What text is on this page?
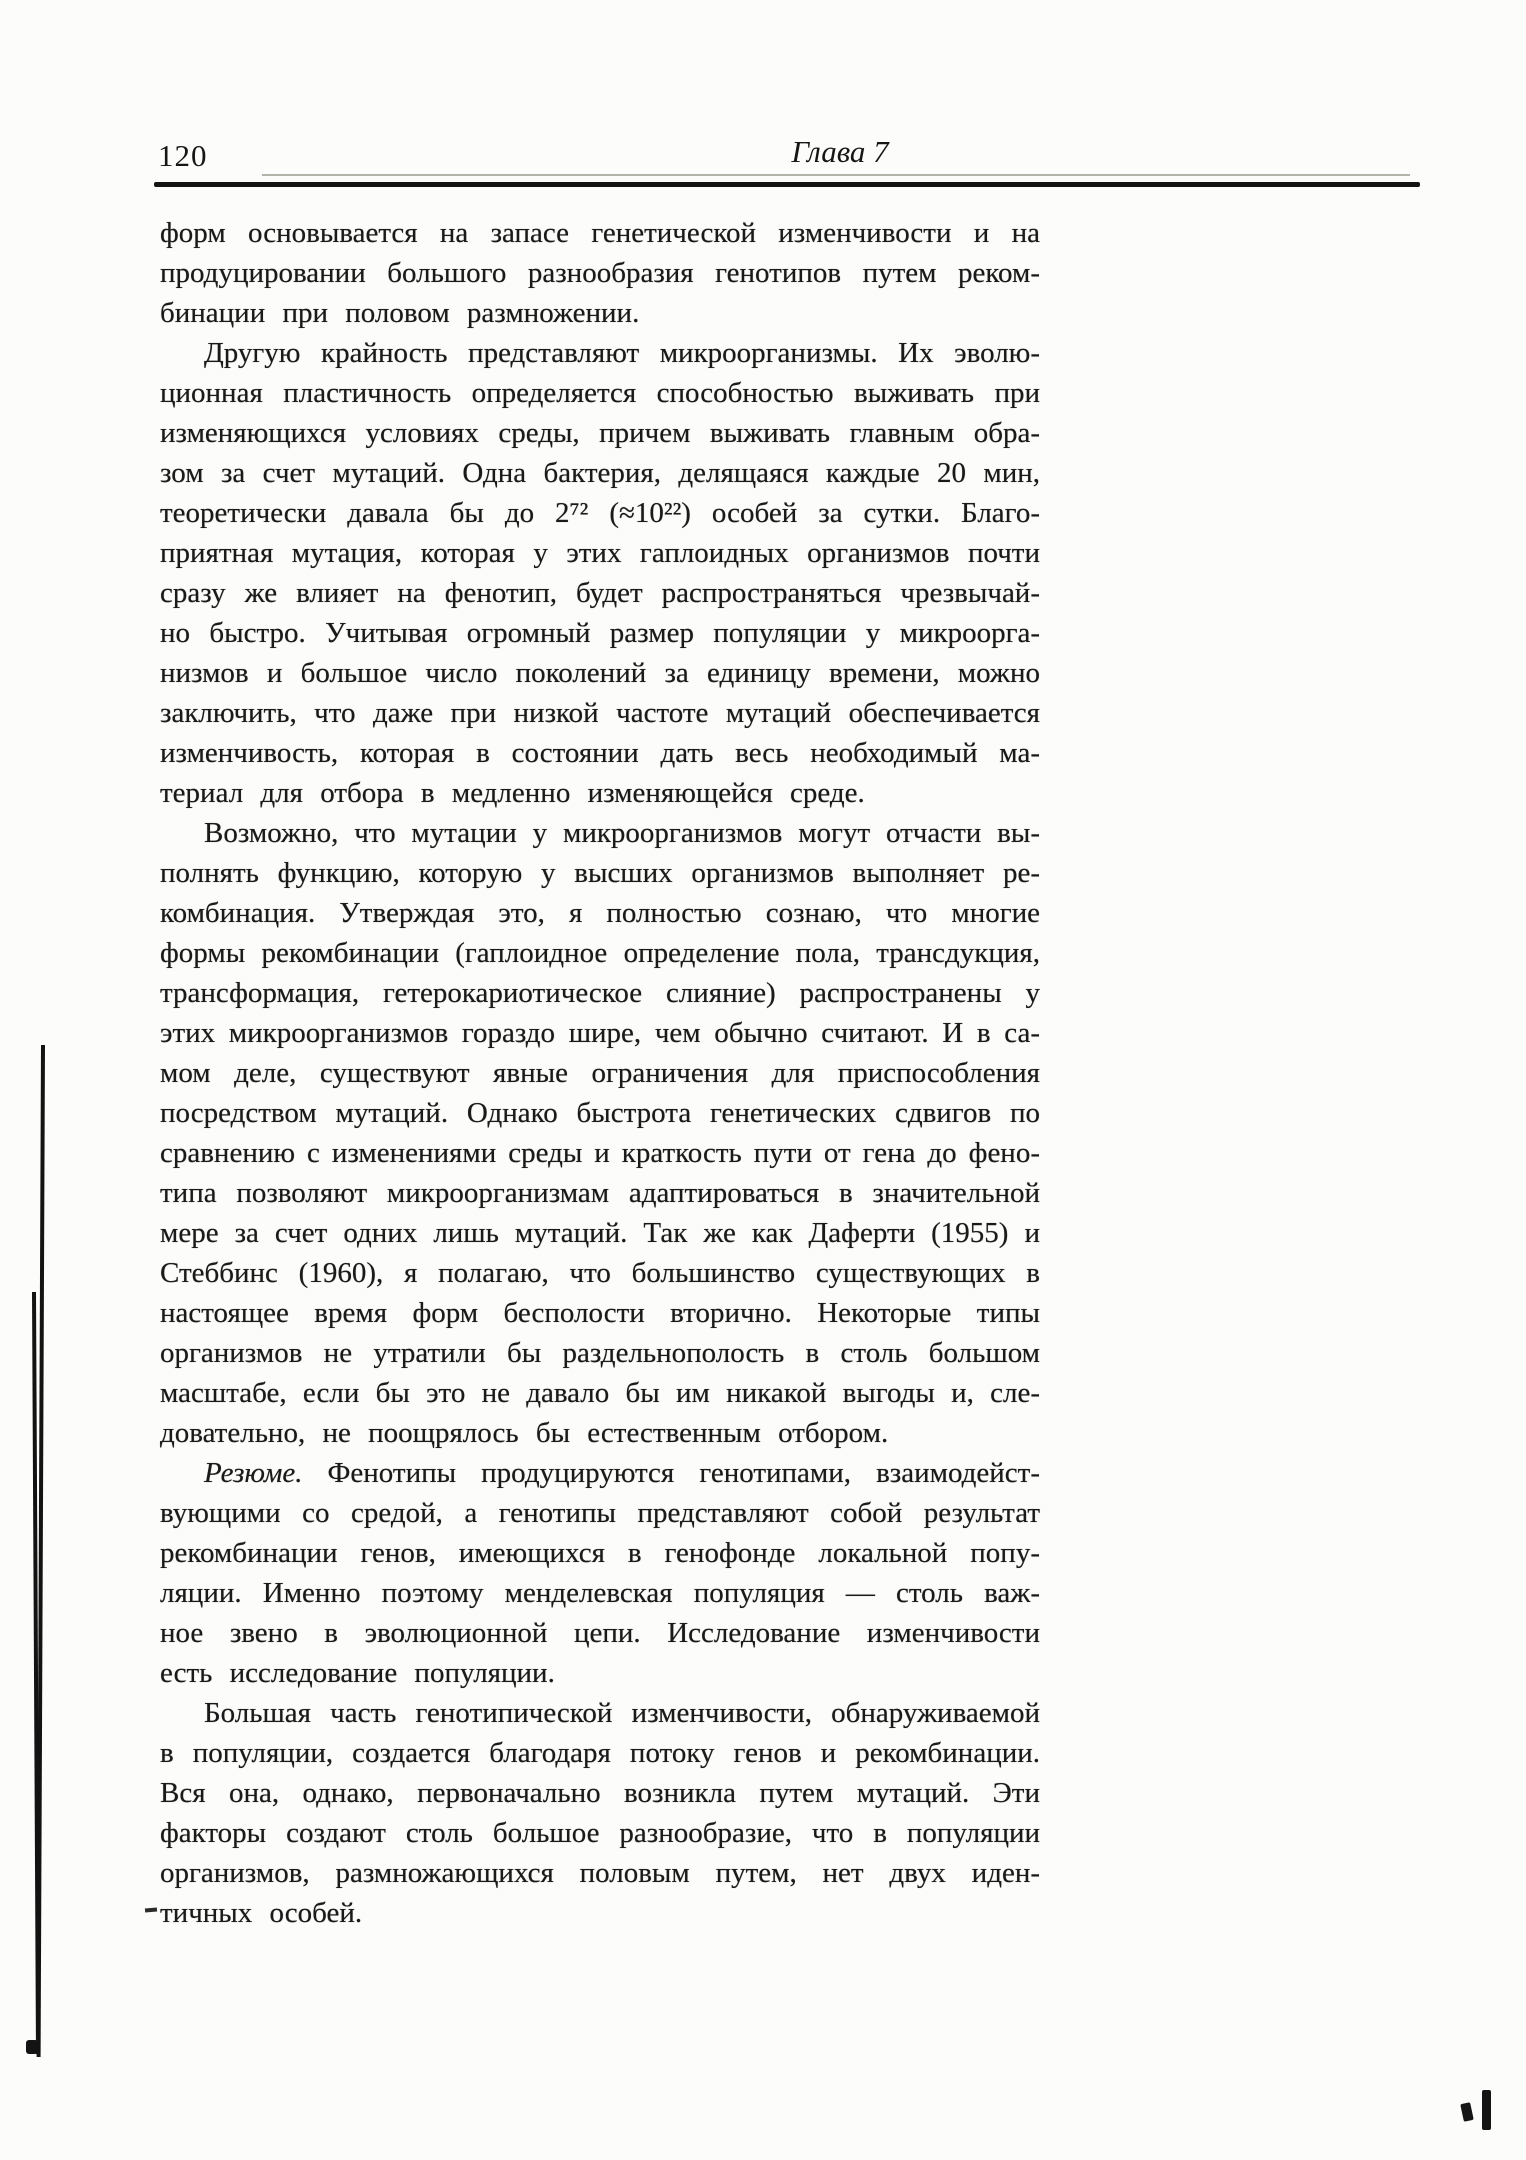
120	Глава 7
форм основывается на запасе генетической изменчивости и на
продуцировании большого разнообразия генотипов путем реком-
бинации при половом размножении.
Другую крайность представляют микроорганизмы. Их эволю-
ционная пластичность определяется способностью выживать при
изменяющихся условиях среды, причем выживать главным обра-
зом за счет мутаций. Одна бактерия, делящаяся каждые 20 мин,
теоретически давала бы до 2⁷² (≈10²²) особей за сутки. Благо-
приятная мутация, которая у этих гаплоидных организмов почти
сразу же влияет на фенотип, будет распространяться чрезвычай-
но быстро. Учитывая огромный размер популяции у микроорга-
низмов и большое число поколений за единицу времени, можно
заключить, что даже при низкой частоте мутаций обеспечивается
изменчивость, которая в состоянии дать весь необходимый ма-
териал для отбора в медленно изменяющейся среде.
Возможно, что мутации у микроорганизмов могут отчасти вы-
полнять функцию, которую у высших организмов выполняет ре-
комбинация. Утверждая это, я полностью сознаю, что многие
формы рекомбинации (гаплоидное определение пола, трансдукция,
трансформация, гетерокариотическое слияние) распространены у
этих микроорганизмов гораздо шире, чем обычно считают. И в са-
мом деле, существуют явные ограничения для приспособления
посредством мутаций. Однако быстрота генетических сдвигов по
сравнению с изменениями среды и краткость пути от гена до фено-
типа позволяют микроорганизмам адаптироваться в значительной
мере за счет одних лишь мутаций. Так же как Даферти (1955) и
Стеббинс (1960), я полагаю, что большинство существующих в
настоящее время форм бесполости вторично. Некоторые типы
организмов не утратили бы раздельнополость в столь большом
масштабе, если бы это не давало бы им никакой выгоды и, сле-
довательно, не поощрялось бы естественным отбором.
Резюме. Фенотипы продуцируются генотипами, взаимодейст-
вующими со средой, а генотипы представляют собой результат
рекомбинации генов, имеющихся в генофонде локальной попу-
ляции. Именно поэтому менделевская популяция — столь важ-
ное звено в эволюционной цепи. Исследование изменчивости
есть исследование популяции.
Большая часть генотипической изменчивости, обнаруживаемой
в популяции, создается благодаря потоку генов и рекомбинации.
Вся она, однако, первоначально возникла путем мутаций. Эти
факторы создают столь большое разнообразие, что в популяции
организмов, размножающихся половым путем, нет двух иден-
тичных особей.
